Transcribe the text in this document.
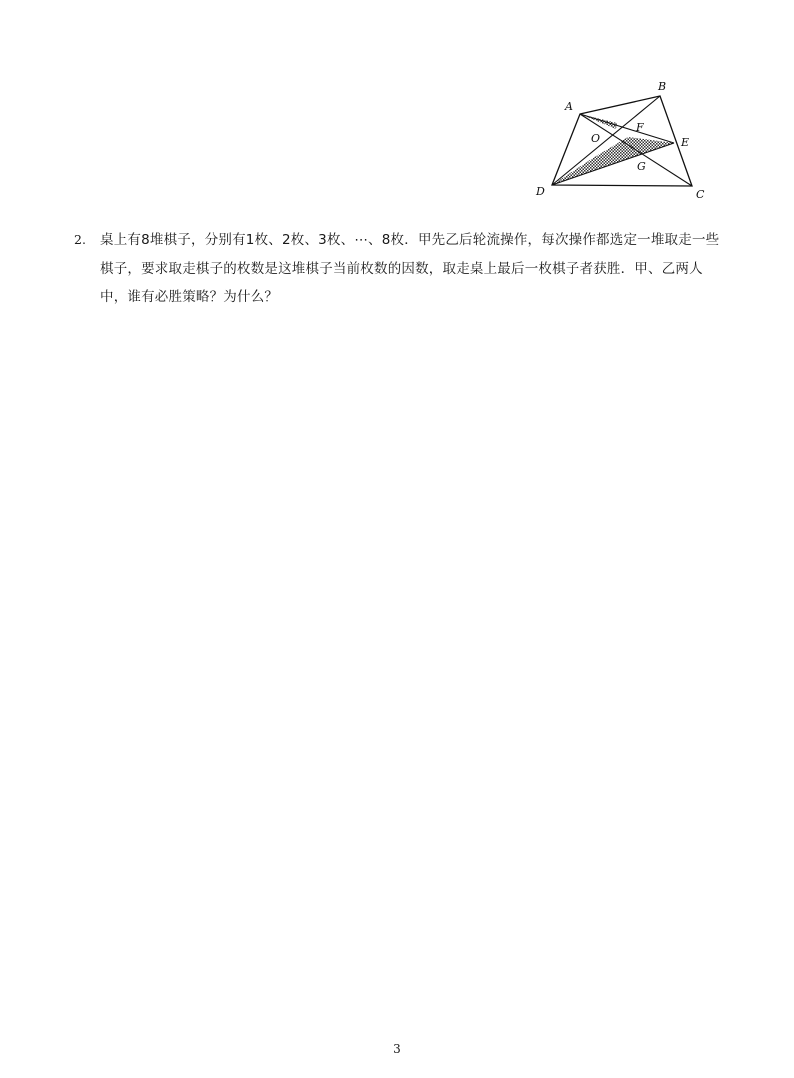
A
B
C
D
E
F
G
O
2. 桌上有8堆棋子，分别有1枚、2枚、3枚、⋯、8枚．甲先乙后轮流操作，每次操作都选定一堆取走一些棋子，要求取走棋子的枚数是这堆棋子当前枚数的因数，取走桌上最后一枚棋子者获胜．甲、乙两人中，谁有必胜策略？为什么？
3
